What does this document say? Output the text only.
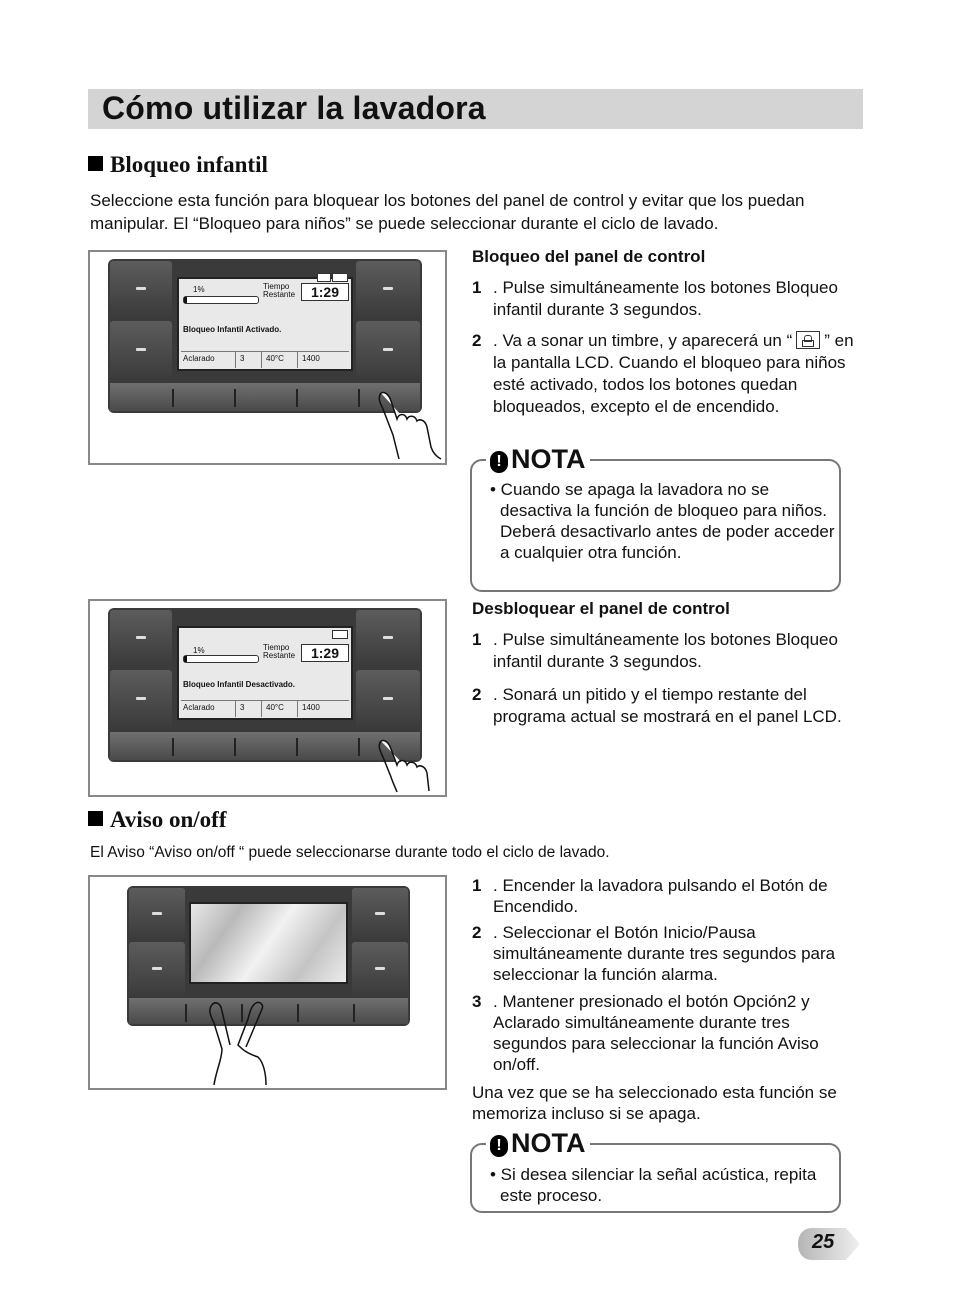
Cómo utilizar la lavadora
Bloqueo infantil
Seleccione esta función para bloquear los botones del panel de control y evitar que los puedan manipular. El “Bloqueo para niños” se puede seleccionar durante el ciclo de lavado.
1%	Tiempo
Restante	1:29
Bloqueo Infantil Activado.
Aclarado	3	40°C	1400
Bloqueo del panel de control
1 . Pulse simultáneamente los botones Bloqueo infantil durante 3 segundos.
2 . Va a sonar un timbre, y aparecerá un “ ” en la pantalla LCD. Cuando el bloqueo para niños esté activado, todos los botones quedan bloqueados, excepto el de encendido.
• Cuando se apaga la lavadora no se desactiva la función de bloqueo para niños. Deberá desactivarlo antes de poder acceder a cualquier otra función.
! NOTA
1%	Tiempo
Restante	1:29
Bloqueo Infantil Desactivado.
Aclarado	3	40°C	1400
Desbloquear el panel de control
1 . Pulse simultáneamente los botones Bloqueo infantil durante 3 segundos.
2 . Sonará un pitido y el tiempo restante del programa actual se mostrará en el panel LCD.
Aviso on/off
El Aviso “Aviso on/off “ puede seleccionarse durante todo el ciclo de lavado.
1 . Encender la lavadora pulsando el Botón de Encendido.
2 . Seleccionar el Botón Inicio/Pausa simultáneamente durante tres segundos para seleccionar la función alarma.
3 . Mantener presionado el botón Opción2 y Aclarado simultáneamente durante tres segundos para seleccionar la función Aviso on/off.
Una vez que se ha seleccionado esta función se memoriza incluso si se apaga.
• Si desea silenciar la señal acústica, repita este proceso.
! NOTA
25
